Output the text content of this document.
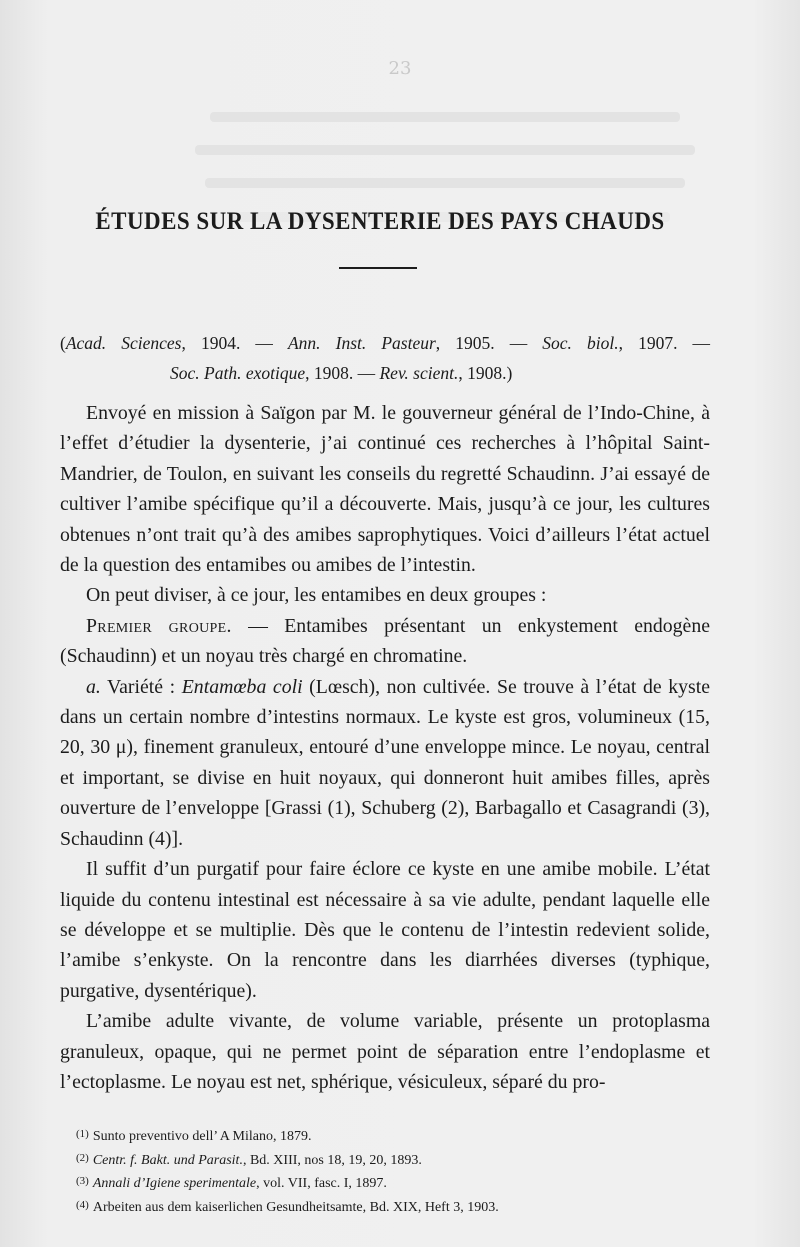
23
ÉTUDES SUR LA DYSENTERIE DES PAYS CHAUDS
(Acad. Sciences, 1904. — Ann. Inst. Pasteur, 1905. — Soc. biol., 1907. —
Soc. Path. exotique, 1908. — Rev. scient., 1908.)

Envoyé en mission à Saïgon par M. le gouverneur général de l’Indo-Chine, à l’effet d’étudier la dysenterie, j’ai continué ces recherches à l’hôpital Saint-Mandrier, de Toulon, en suivant les conseils du regretté Schaudinn. J’ai essayé de cultiver l’amibe spécifique qu’il a découverte. Mais, jusqu’à ce jour, les cultures obtenues n’ont trait qu’à des amibes saprophytiques. Voici d’ailleurs l’état actuel de la question des entamibes ou amibes de l’intestin.

On peut diviser, à ce jour, les entamibes en deux groupes :

Premier groupe. — Entamibes présentant un enkystement endogène (Schaudinn) et un noyau très chargé en chromatine.

a. Variété : Entamœba coli (Lœsch), non cultivée. Se trouve à l’état de kyste dans un certain nombre d’intestins normaux. Le kyste est gros, volumineux (15, 20, 30 μ), finement granuleux, entouré d’une enveloppe mince. Le noyau, central et important, se divise en huit noyaux, qui donneront huit amibes filles, après ouverture de l’enveloppe [Grassi (1), Schuberg (2), Barbagallo et Casagrandi (3), Schaudinn (4)].

Il suffit d’un purgatif pour faire éclore ce kyste en une amibe mobile. L’état liquide du contenu intestinal est nécessaire à sa vie adulte, pendant laquelle elle se développe et se multiplie. Dès que le contenu de l’intestin redevient solide, l’amibe s’enkyste. On la rencontre dans les diarrhées diverses (typhique, purgative, dysentérique).

L’amibe adulte vivante, de volume variable, présente un protoplasma granuleux, opaque, qui ne permet point de séparation entre l’endoplasme et l’ectoplasme. Le noyau est net, sphérique, vésiculeux, séparé du pro-

$^{(1)}$ Sunto preventivo dell’ A Milano, 1879.
$^{(2)}$ Centr. f. Bakt. und Parasit., Bd. XIII, nos 18, 19, 20, 1893.
$^{(3)}$ Annali d’Igiene sperimentale, vol. VII, fasc. I, 1897.
$^{(4)}$ Arbeiten aus dem kaiserlichen Gesundheitsamte, Bd. XIX, Heft 3, 1903.
